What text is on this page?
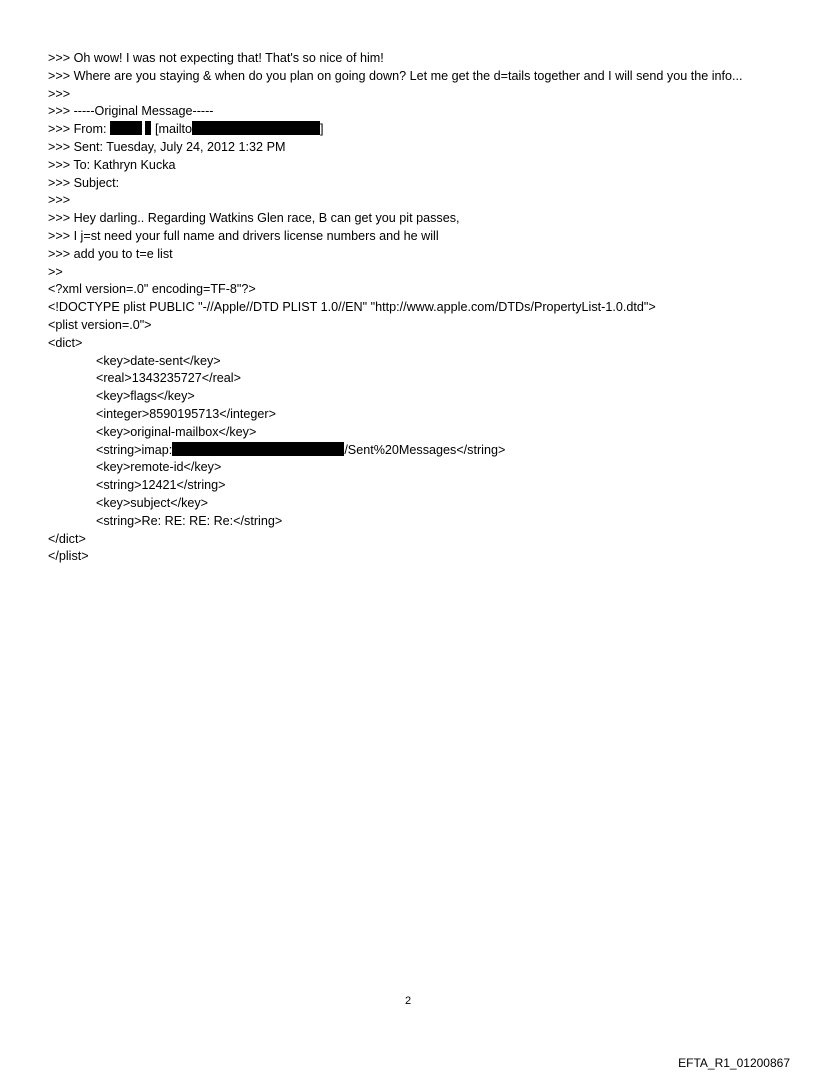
>>> Oh wow! I was not expecting that! That's so nice of him!
>>> Where are you staying & when do you plan on going down? Let me get the d=tails together and I will send you the info...
>>>
>>> -----Original Message-----
>>> From:	[mailto	]
>>> Sent: Tuesday, July 24, 2012 1:32 PM
>>> To: Kathryn Kucka
>>> Subject:
>>>
>>> Hey darling.. Regarding Watkins Glen race, B can get you pit passes,
>>> I j=st need your full name and drivers license numbers and he will
>>> add you to t=e list
>>
<?xml version=.0" encoding=TF-8"?>
<!DOCTYPE plist PUBLIC "-//Apple//DTD PLIST 1.0//EN" "http://www.apple.com/DTDs/PropertyList-1.0.dtd">
<plist version=.0">
<dict>
<key>date-sent</key>
<real>1343235727</real>
<key>flags</key>
<integer>8590195713</integer>
<key>original-mailbox</key>
<string>imap:	/Sent%20Messages</string>
<key>remote-id</key>
<string>12421</string>
<key>subject</key>
<string>Re: RE: RE: Re:</string>
</dict>
</plist>
2
EFTA_R1_01200867
